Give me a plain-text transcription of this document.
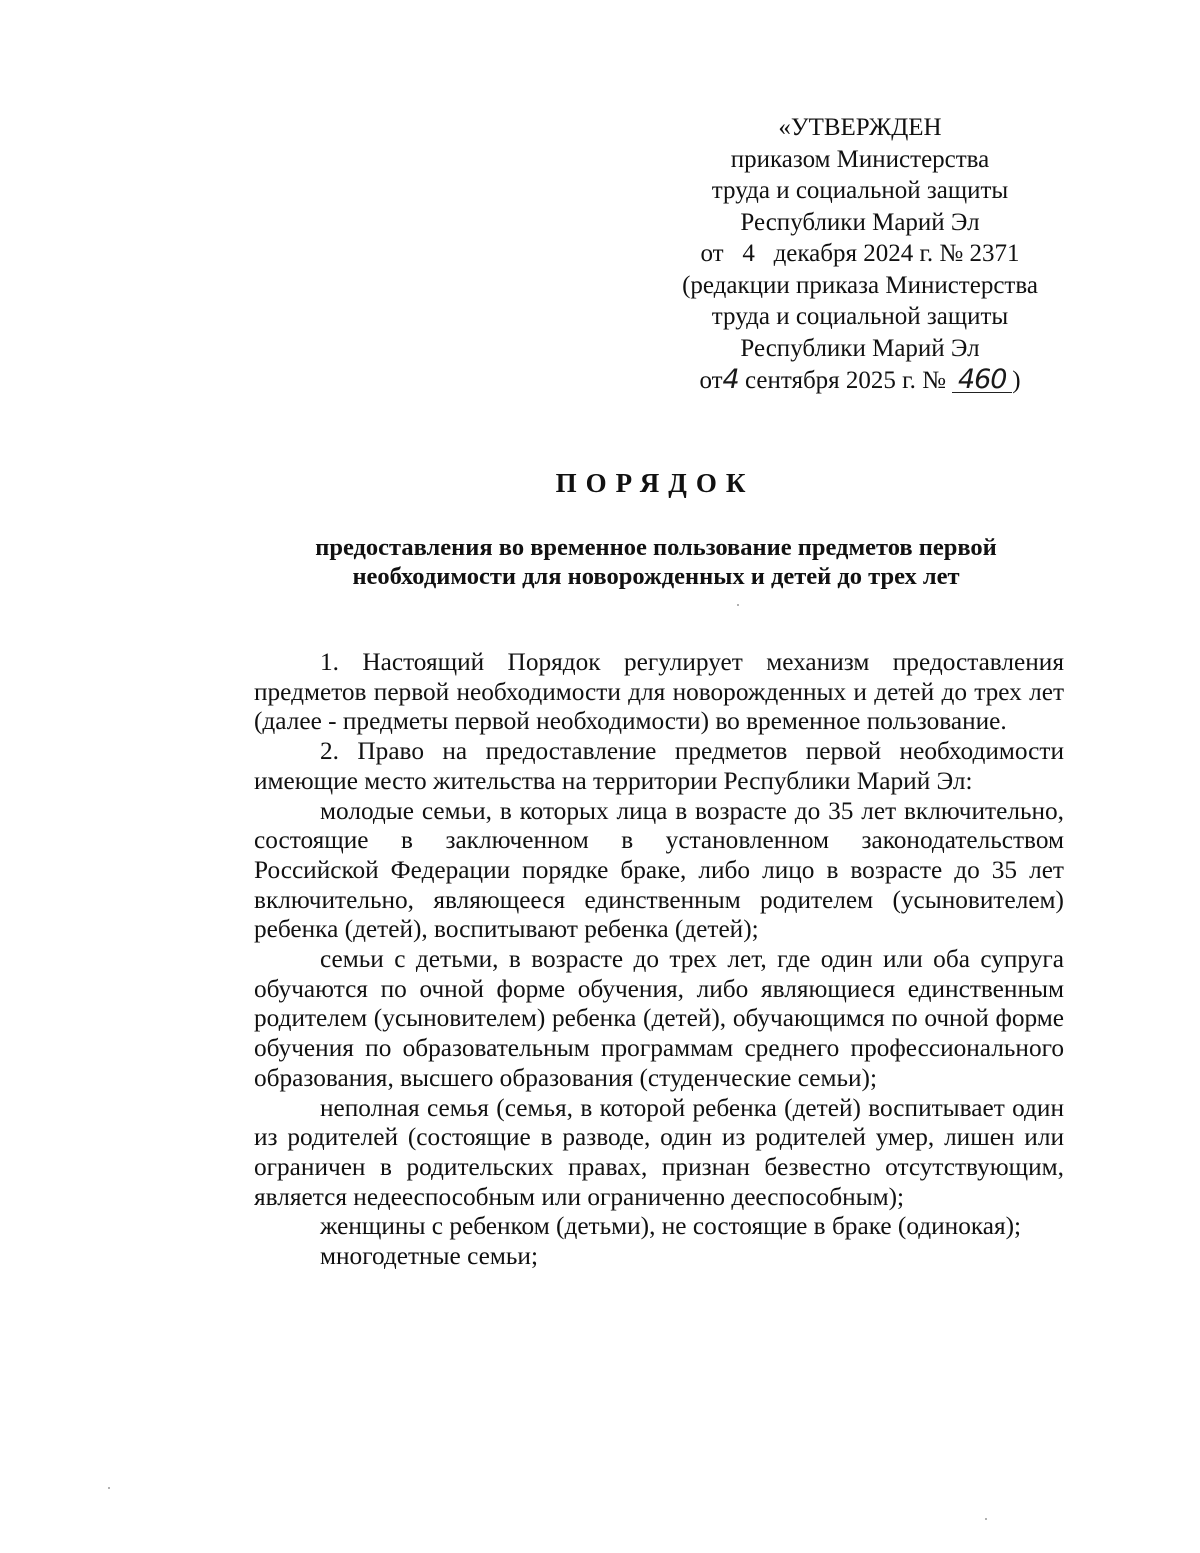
«УТВЕРЖДЕН
приказом Министерства
труда и социальной защиты
Республики Марий Эл
от   4   декабря 2024 г. № 2371
(редакции приказа Министерства
труда и социальной защиты
Республики Марий Эл
от4 сентября 2025 г. № 460 )
ПОРЯДОК
предоставления во временное пользование предметов первой
необходимости для новорожденных и детей до трех лет

1. Настоящий Порядок регулирует механизм предоставления предметов первой необходимости для новорожденных и детей до трех лет (далее - предметы первой необходимости) во временное пользование.

2. Право на предоставление предметов первой необходимости имеющие место жительства на территории Республики Марий Эл:

молодые семьи, в которых лица в возрасте до 35 лет включительно, состоящие в заключенном в установленном законодательством Российской Федерации порядке браке, либо лицо в возрасте до 35 лет включительно, являющееся единственным родителем (усыновителем) ребенка (детей), воспитывают ребенка (детей);

семьи с детьми, в возрасте до трех лет, где один или оба супруга обучаются по очной форме обучения, либо являющиеся единственным родителем (усыновителем) ребенка (детей), обучающимся по очной форме обучения по образовательным программам среднего профессионального образования, высшего образования (студенческие семьи);

неполная семья (семья, в которой ребенка (детей) воспитывает один из родителей (состоящие в разводе, один из родителей умер, лишен или ограничен в родительских правах, признан безвестно отсутствующим, является недееспособным или ограниченно дееспособным);

женщины с ребенком (детьми), не состоящие в браке (одинокая);

многодетные семьи;
